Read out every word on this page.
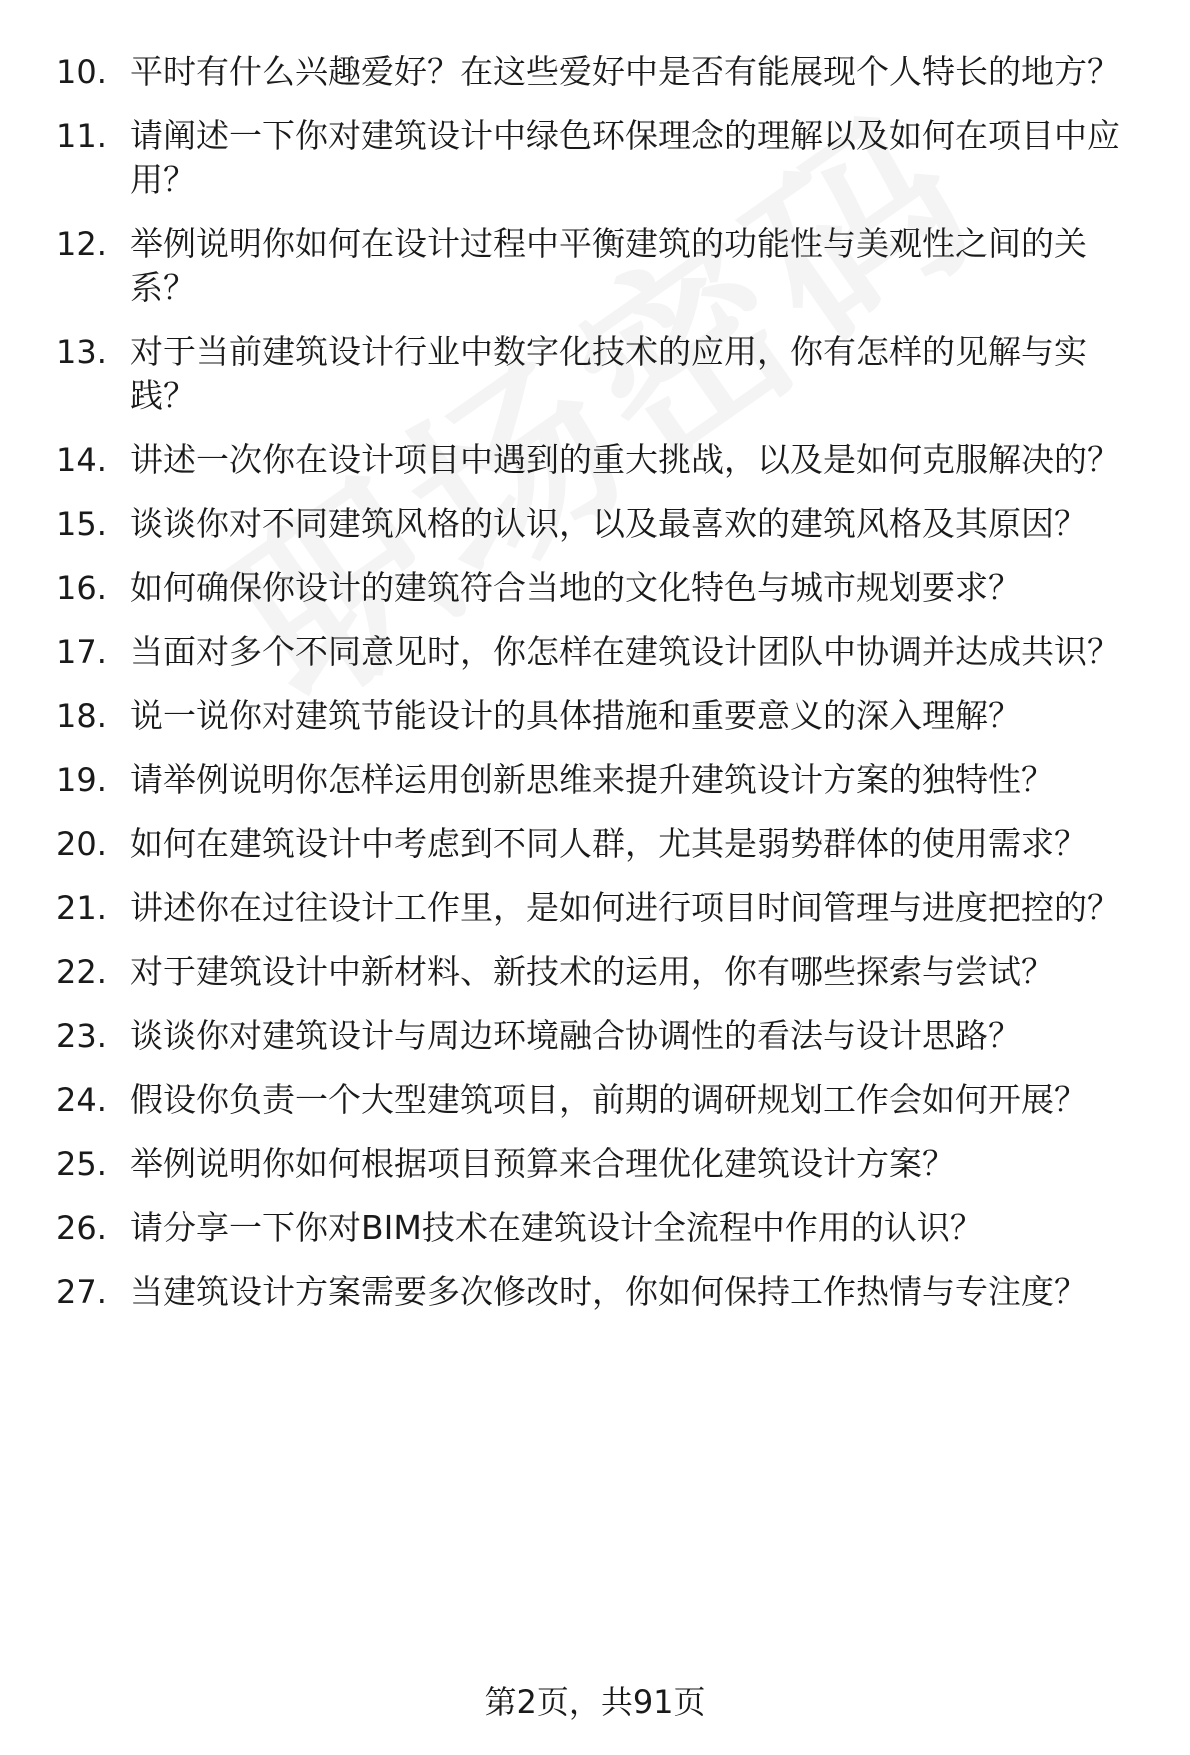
10. 平时有什么兴趣爱好？在这些爱好中是否有能展现个人特长的地方？
11. 请阐述一下你对建筑设计中绿色环保理念的理解以及如何在项目中应用？
12. 举例说明你如何在设计过程中平衡建筑的功能性与美观性之间的关系？
13. 对于当前建筑设计行业中数字化技术的应用，你有怎样的见解与实践？
14. 讲述一次你在设计项目中遇到的重大挑战，以及是如何克服解决的？
15. 谈谈你对不同建筑风格的认识，以及最喜欢的建筑风格及其原因？
16. 如何确保你设计的建筑符合当地的文化特色与城市规划要求？
17. 当面对多个不同意见时，你怎样在建筑设计团队中协调并达成共识？
18. 说一说你对建筑节能设计的具体措施和重要意义的深入理解？
19. 请举例说明你怎样运用创新思维来提升建筑设计方案的独特性？
20. 如何在建筑设计中考虑到不同人群，尤其是弱势群体的使用需求？
21. 讲述你在过往设计工作里，是如何进行项目时间管理与进度把控的？
22. 对于建筑设计中新材料、新技术的运用，你有哪些探索与尝试？
23. 谈谈你对建筑设计与周边环境融合协调性的看法与设计思路？
24. 假设你负责一个大型建筑项目，前期的调研规划工作会如何开展？
25. 举例说明你如何根据项目预算来合理优化建筑设计方案？
26. 请分享一下你对BIM技术在建筑设计全流程中作用的认识？
27. 当建筑设计方案需要多次修改时，你如何保持工作热情与专注度？
第2页，共91页
